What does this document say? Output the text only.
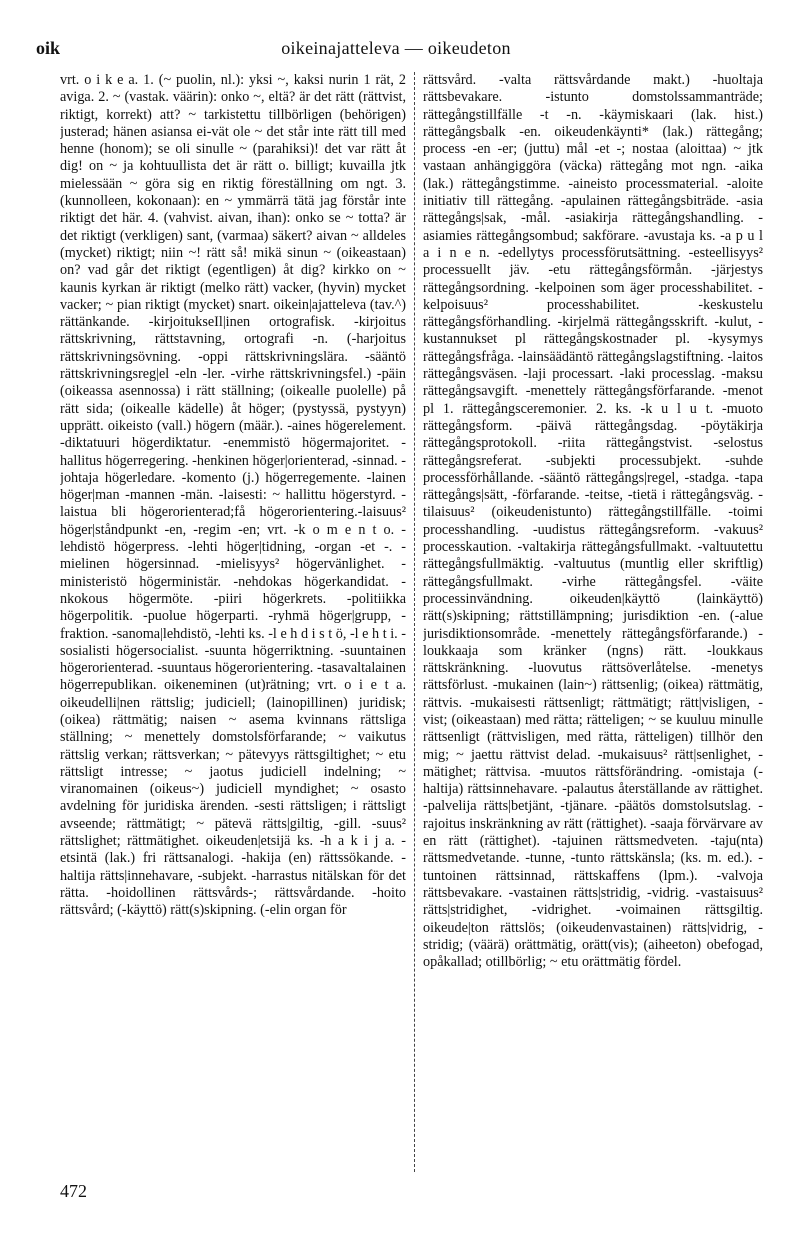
oik	oikeinajatteleva — oikeudeton

vrt. o i k e a. 1. (~ puolin, nl.): yksi ~, kaksi nurin 1 rät, 2 aviga. 2. ~ (vastak. väärin): onko ~, eltä? är det rätt (rättvist, riktigt, korrekt) att? ~ tarkistettu tillbörligen (behörigen) justerad; hänen asiansa ei-vät ole ~ det står inte rätt till med henne (honom); se oli sinulle ~ (parahiksi)! det var rätt åt dig! on ~ ja kohtuullista det är rätt o. billigt; kuvailla jtk mielessään ~ göra sig en riktig föreställning om ngt. 3. (kunnolleen, kokonaan): en ~ ymmärrä tätä jag förstår inte riktigt det här. 4. (vahvist. aivan, ihan): onko se ~ totta? är det riktigt (verkligen) sant, (varmaa) säkert? aivan ~ alldeles (mycket) riktigt; niin ~! rätt så! mikä sinun ~ (oikeastaan) on? vad går det riktigt (egentligen) åt dig? kirkko on ~ kaunis kyrkan är riktigt (melko rätt) vacker, (hyvin) mycket vacker; ~ pian riktigt (mycket) snart. oikein|ajatteleva (tav.^) rättänkande. -kirjoitukseIl|inen ortografisk. -kirjoitus rättskrivning, rättstavning, ortografi -n. (-harjoitus rättskrivningsövning. -oppi rättskrivningslära. -sääntö rättskrivningsreg|el -eln -ler. -virhe rättskrivningsfel.) -päin (oikeassa asennossa) i rätt ställning; (oikealle puolelle) på rätt sida; (oikealle kädelle) åt höger; (pystyssä, pystyyn) upprätt. oikeisto (vall.) högern (määr.). -aines högerelement. -diktatuuri högerdiktatur. -enemmistö högermajoritet. -hallitus högerregering. -henkinen höger|orienterad, -sinnad. -johtaja högerledare. -komento (j.) högerregemente. -lainen höger|man -mannen -män. -laisesti: ~ hallittu högerstyrd. -laistua bli högerorienterad;få högerorientering.-laisuus² höger|ståndpunkt -en, -regim -en; vrt. -k o m e n t o. -lehdistö högerpress. -lehti höger|tidning, -organ -et -. -mielinen högersinnad. -mielisyys² högervänlighet. -ministeristö högerministär. -nehdokas högerkandidat. -nkokous högermöte. -piiri högerkrets. -politiikka högerpolitik. -puolue högerparti. -ryhmä höger|grupp, -fraktion. -sanoma|lehdistö, -lehti ks. -l e h d i s t ö, -l e h t i. -sosialisti högersocialist. -suunta högerriktning. -suuntainen högerorienterad. -suuntaus högerorientering. -tasavaltalainen högerrepublikan. oikeneminen (ut)rätning; vrt. o i e t a. oikeudelli|nen rättslig; judiciell; (lainopillinen) juridisk; (oikea) rättmätig; naisen ~ asema kvinnans rättsliga ställning; ~ menettely domstolsförfarande; ~ vaikutus rättslig verkan; rättsverkan; ~ pätevyys rättsgiltighet; ~ etu rättsligt intresse; ~ jaotus judiciell indelning; ~ viranomainen (oikeus~) judiciell myndighet; ~ osasto avdelning för juridiska ärenden. -sesti rättsligen; i rättsligt avseende; rättmätigt; ~ pätevä rätts|giltig, -gill. -suus² rättslighet; rättmätighet. oikeuden|etsijä ks. -h a k i j a. -etsintä (lak.) fri rättsanalogi. -hakija (en) rättssökande. -haltija rätts|innehavare, -subjekt. -harrastus nitälskan för det rätta. -hoidollinen rättsvårds-; rättsvårdande. -hoito rättsvård; (-käyttö) rätt(s)skipning. (-elin organ för

rättsvård. -valta rättsvårdande makt.) -huoltaja rättsbevakare. -istunto domstolssammanträde; rättegångstillfälle -t -n. -käymiskaari (lak. hist.) rättegångsbalk -en. oikeudenkäynti* (lak.) rättegång; process -en -er; (juttu) mål -et -; nostaa (aloittaa) ~ jtk vastaan anhängiggöra (väcka) rättegång mot ngn. -aika (lak.) rättegångstimme. -aineisto processmaterial. -aloite initiativ till rättegång. -apulainen rättegångsbiträde. -asia rättegångs|sak, -mål. -asiakirja rättegångshandling. -asiamies rättegångsombud; sakförare. -avustaja ks. -a p u l a i n e n. -edellytys processförutsättning. -esteellisyys² processuellt jäv. -etu rättegångsförmån. -järjestys rättegångsordning. -kelpoinen som äger processhabilitet. -kelpoisuus² processhabilitet. -keskustelu rättegångsförhandling. -kirjelmä rättegångsskrift. -kulut, -kustannukset pl rättegångskostnader pl. -kysymys rättegångsfråga. -lainsäädäntö rättegångslagstiftning. -laitos rättegångsväsen. -laji processart. -laki processlag. -maksu rättegångsavgift. -menettely rättegångsförfarande. -menot pl 1. rättegångsceremonier. 2. ks. -k u l u t. -muoto rättegångsform. -päivä rättegångsdag. -pöytäkirja rättegångsprotokoll. -riita rättegångstvist. -selostus rättegångsreferat. -subjekti processubjekt. -suhde processförhållande. -sääntö rättegångs|regel, -stadga. -tapa rättegångs|sätt, -förfarande. -teitse, -tietä i rättegångsväg. -tilaisuus² (oikeudenistunto) rättegångstillfälle. -toimi processhandling. -uudistus rättegångsreform. -vakuus² processkaution. -valtakirja rättegångsfullmakt. -valtuutettu rättegångsfullmäktig. -valtuutus (muntlig eller skriftlig) rättegångsfullmakt. -virhe rättegångsfel. -väite processinvändning. oikeuden|käyttö (lainkäyttö) rätt(s)skipning; rättstillämpning; jurisdiktion -en. (-alue jurisdiktionsområde. -menettely rättegångsförfarande.) -loukkaaja som kränker (ngns) rätt. -loukkaus rättskränkning. -luovutus rättsöverlåtelse. -menetys rättsförlust. -mukainen (lain~) rättsenlig; (oikea) rättmätig, rättvis. -mukaisesti rättsenligt; rättmätigt; rätt|visligen, -vist; (oikeastaan) med rätta; rätteligen; ~ se kuuluu minulle rättsenligt (rättvisligen, med rätta, rätteligen) tillhör den mig; ~ jaettu rättvist delad. -mukaisuus² rätt|senlighet, -mätighet; rättvisa. -muutos rättsförändring. -omistaja (-haltija) rättsinnehavare. -palautus återställande av rättighet. -palvelija rätts|betjänt, -tjänare. -päätös domstolsutslag. -rajoitus inskränkning av rätt (rättighet). -saaja förvärvare av en rätt (rättighet). -tajuinen rättsmedveten. -taju(nta) rättsmedvetande. -tunne, -tunto rättskänsla; (ks. m. ed.). -tuntoinen rättsinnad, rättskaffens (lpm.). -valvoja rättsbevakare. -vastainen rätts|stridig, -vidrig. -vastaisuus² rätts|stridighet, -vidrighet. -voimainen rättsgiltig. oikeude|ton rättslös; (oikeudenvastainen) rätts|vidrig, -stridig; (väärä) orättmätig, orätt(vis); (aiheeton) obefogad, opåkallad; otillbörlig; ~ etu orättmätig fördel.

472
